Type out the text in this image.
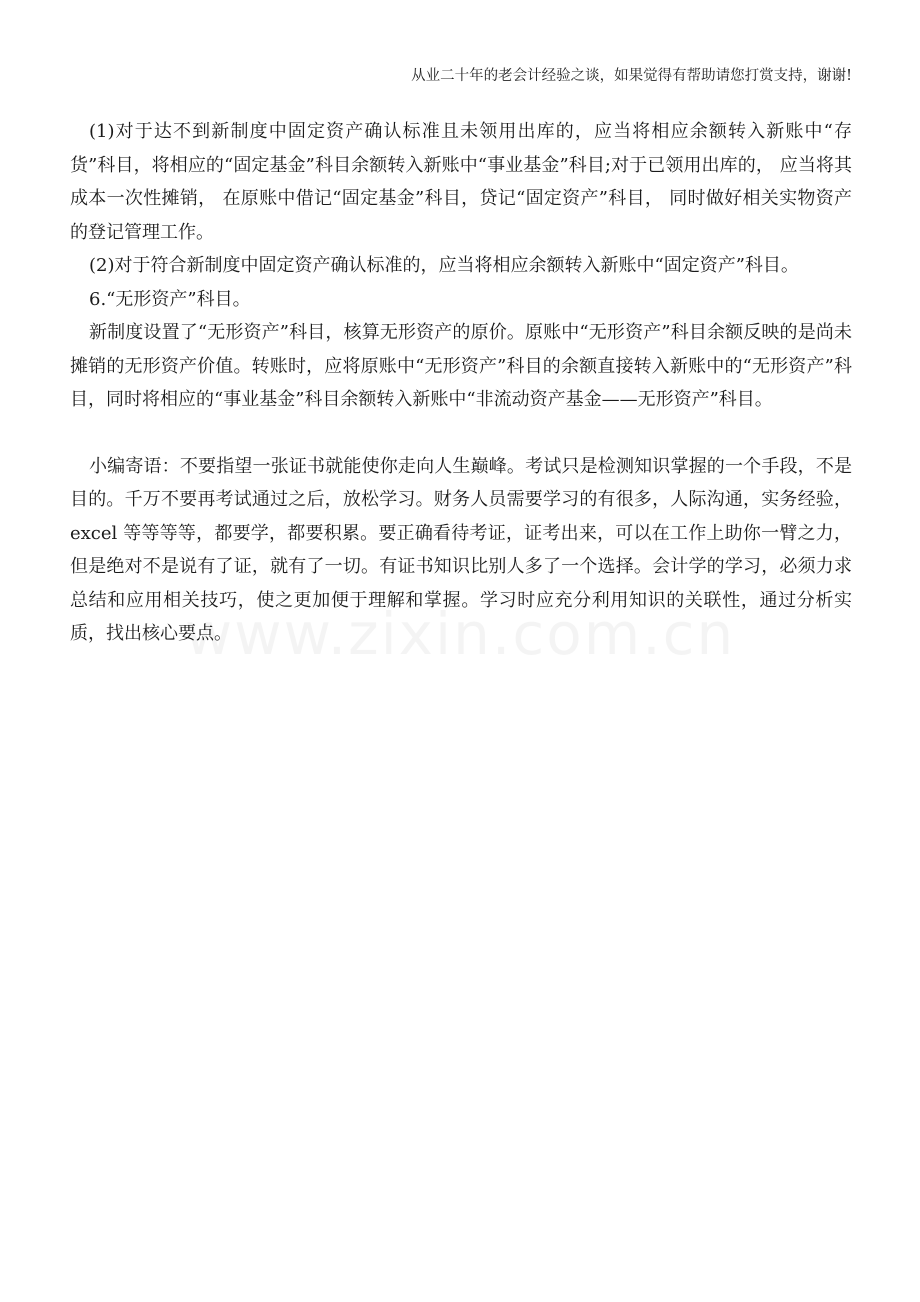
从业二十年的老会计经验之谈，如果觉得有帮助请您打赏支持，谢谢!

(1)对于达不到新制度中固定资产确认标准且未领用出库的，应当将相应余额转入新账中“存货”科目，将相应的“固定基金”科目余额转入新账中“事业基金”科目;对于已领用出库的， 应当将其成本一次性摊销， 在原账中借记“固定基金”科目，贷记“固定资产”科目， 同时做好相关实物资产的登记管理工作。

(2)对于符合新制度中固定资产确认标准的，应当将相应余额转入新账中“固定资产”科目。

6.“无形资产”科目。

新制度设置了“无形资产”科目，核算无形资产的原价。原账中“无形资产”科目余额反映的是尚未摊销的无形资产价值。转账时，应将原账中“无形资产”科目的余额直接转入新账中的“无形资产”科目，同时将相应的“事业基金”科目余额转入新账中“非流动资产基金——无形资产”科目。

小编寄语：不要指望一张证书就能使你走向人生巅峰。考试只是检测知识掌握的一个手段，不是目的。千万不要再考试通过之后，放松学习。财务人员需要学习的有很多，人际沟通，实务经验，excel 等等等等，都要学，都要积累。要正确看待考证，证考出来，可以在工作上助你一臂之力，但是绝对不是说有了证，就有了一切。有证书知识比别人多了一个选择。会计学的学习，必须力求总结和应用相关技巧，使之更加便于理解和掌握。学习时应充分利用知识的关联性，通过分析实质，找出核心要点。
